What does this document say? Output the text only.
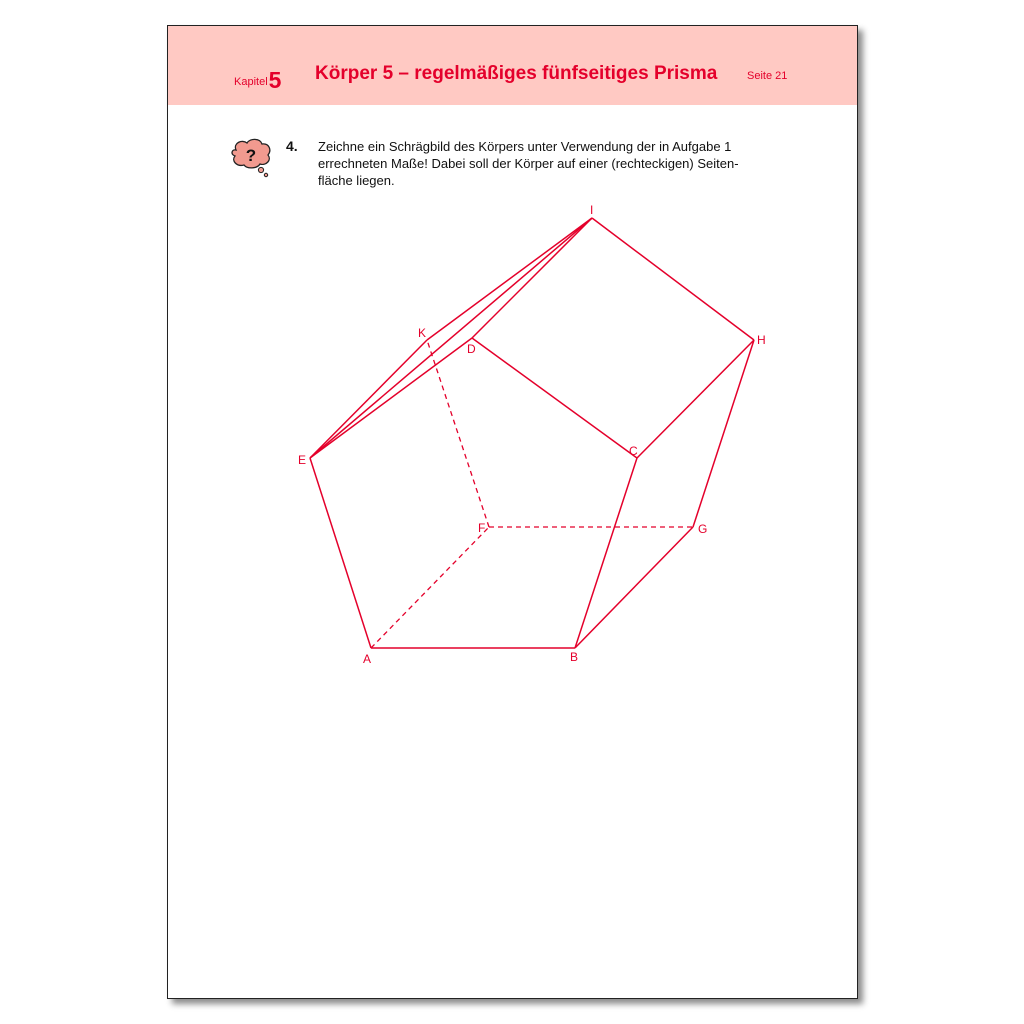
Kapitel5 Körper 5 – regelmäßiges fünfseitiges Prisma	Seite 21
? 4. Zeichne ein Schrägbild des Körpers unter Verwendung der in Aufgabe 1
errechneten Maße! Dabei soll der Körper auf einer (rechteckigen) Seiten-
fläche liegen.
A	B
C
D
E
F	G
H
I
K
